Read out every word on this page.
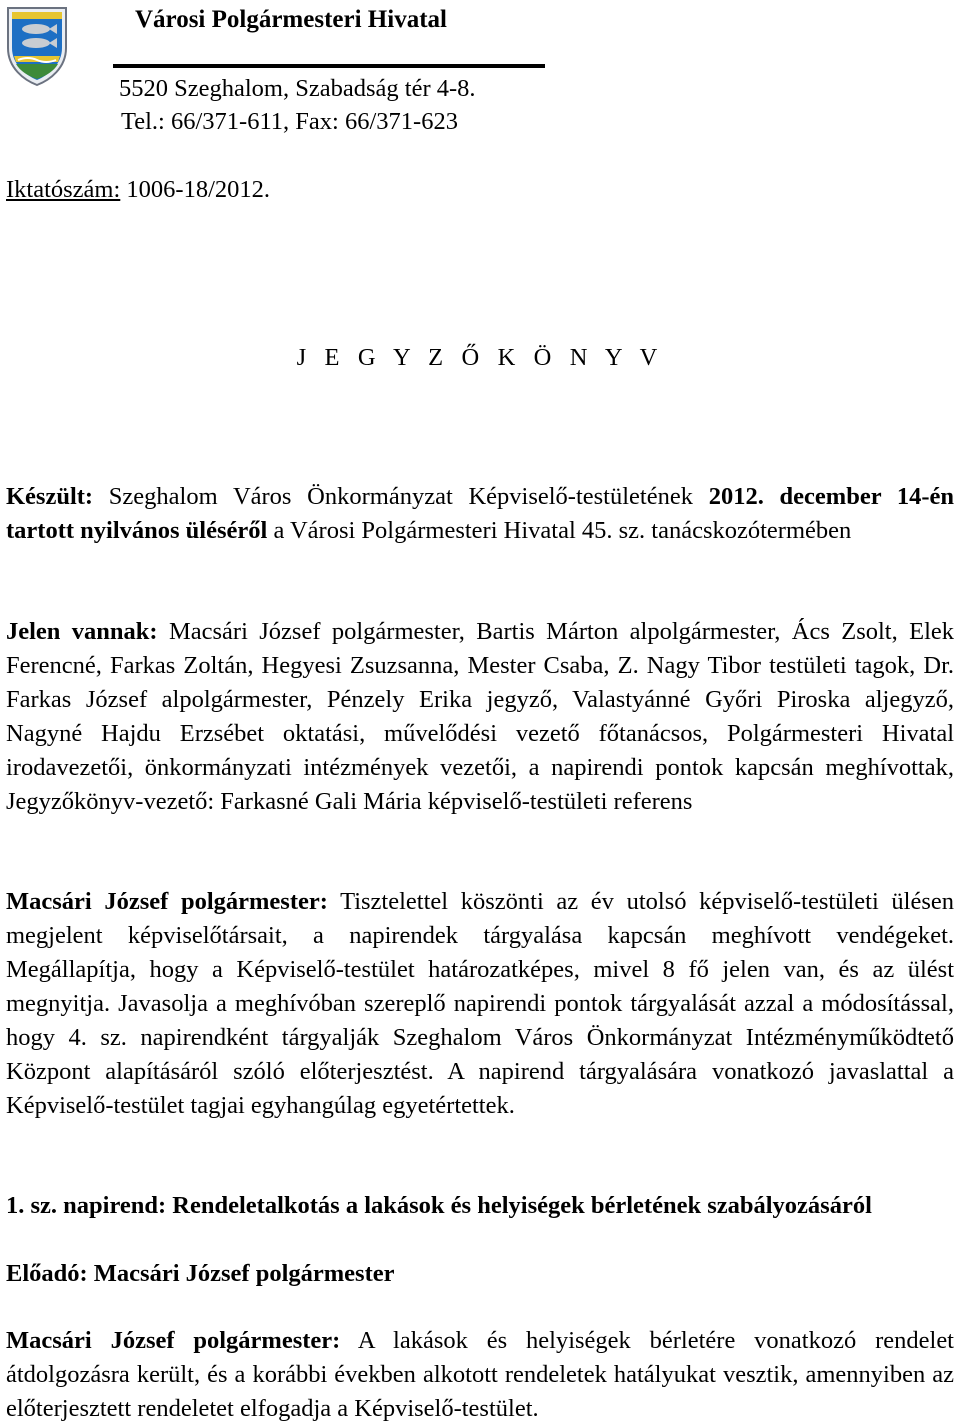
Városi Polgármesteri Hivatal
5520 Szeghalom, Szabadság tér 4-8.
Tel.: 66/371-611, Fax: 66/371-623
Iktatószám: 1006-18/2012.
J E G Y Z Ő K Ö N Y V
Készült: Szeghalom Város Önkormányzat Képviselő-testületének 2012. december 14-én tartott nyilvános üléséről a Városi Polgármesteri Hivatal 45. sz. tanácskozótermében
Jelen vannak: Macsári József polgármester, Bartis Márton alpolgármester, Ács Zsolt, Elek Ferencné, Farkas Zoltán, Hegyesi Zsuzsanna, Mester Csaba, Z. Nagy Tibor testületi tagok, Dr. Farkas József alpolgármester, Pénzely Erika jegyző, Valastyánné Győri Piroska aljegyző, Nagyné Hajdu Erzsébet oktatási, művelődési vezető főtanácsos, Polgármesteri Hivatal irodavezetői, önkormányzati intézmények vezetői, a napirendi pontok kapcsán meghívottak, Jegyzőkönyv-vezető: Farkasné Gali Mária képviselő-testületi referens
Macsári József polgármester: Tisztelettel köszönti az év utolsó képviselő-testületi ülésen megjelent képviselőtársait, a napirendek tárgyalása kapcsán meghívott vendégeket. Megállapítja, hogy a Képviselő-testület határozatképes, mivel 8 fő jelen van, és az ülést megnyitja. Javasolja a meghívóban szereplő napirendi pontok tárgyalását azzal a módosítással, hogy 4. sz. napirendként tárgyalják Szeghalom Város Önkormányzat Intézményműködtető Központ alapításáról szóló előterjesztést. A napirend tárgyalására vonatkozó javaslattal a Képviselő-testület tagjai egyhangúlag egyetértettek.
1. sz. napirend: Rendeletalkotás a lakások és helyiségek bérletének szabályozásáról
Előadó: Macsári József polgármester
Macsári József polgármester: A lakások és helyiségek bérletére vonatkozó rendelet átdolgozásra került, és a korábbi években alkotott rendeletek hatályukat vesztik, amennyiben az előterjesztett rendeletet elfogadja a Képviselő-testület.
